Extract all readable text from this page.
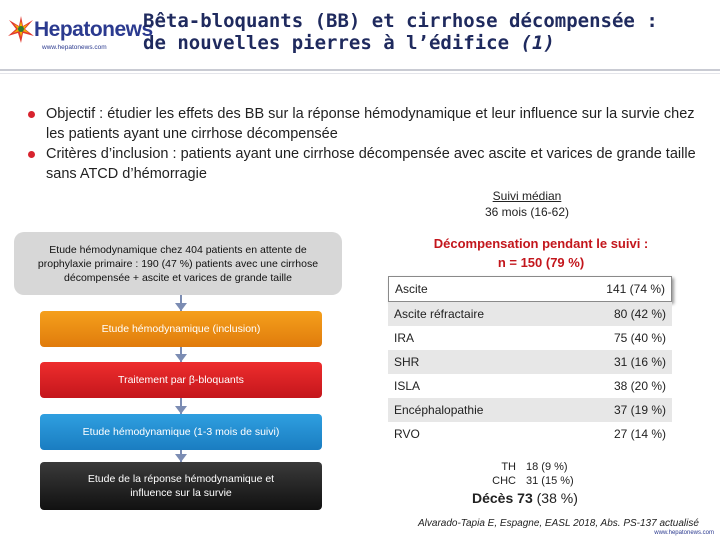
Hepatonews
www.hepatonews.com
Bêta-bloquants (BB) et cirrhose décompensée :
de nouvelles pierres à l’édifice (1)
Objectif : étudier les effets des BB sur la réponse hémodynamique et leur influence sur la survie chez les patients ayant une cirrhose décompensée
Critères d’inclusion : patients ayant une cirrhose décompensée avec ascite et varices de grande taille sans ATCD d’hémorragie
Suivi médian
36 mois (16-62)
Etude hémodynamique chez 404 patients en attente de prophylaxie primaire : 190 (47 %) patients avec une cirrhose décompensée + ascite et varices de grande taille
Etude hémodynamique (inclusion)
Traitement par β-bloquants
Etude hémodynamique (1-3 mois de suivi)
Etude de la réponse hémodynamique et influence sur la survie
Décompensation pendant le suivi :
n = 150 (79 %)
Ascite	141 (74 %)
Ascite réfractaire	80 (42 %)
IRA	75 (40 %)
SHR	31 (16 %)
ISLA	38 (20 %)
Encéphalopathie	37 (19 %)
RVO	27 (14 %)
TH 18 (9 %)
CHC 31 (15 %)
Décès 73 (38 %)
Alvarado-Tapia E, Espagne, EASL 2018, Abs. PS-137 actualisé
www.hepatonews.com
